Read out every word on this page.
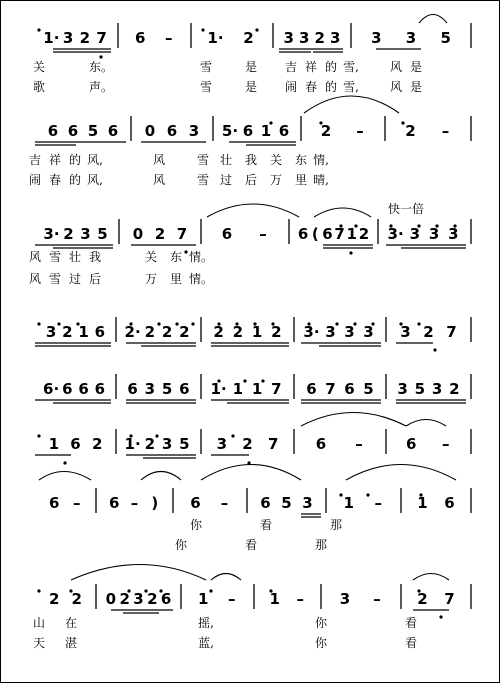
1· 3 2 7 6 – 1· 2 3 3 2 3 3 3 5
关	东。	雪	是 吉 祥 的 雪,	风 是
歌	声。	雪	是 闹 春 的 雪,	风 是
6 6 5 6 0 6 3 5· 6 1 6 2 –	2 –
吉 祥 的 风,	风	雪 壮 我 关 东 情,
闹 春 的 风,	风	雪 过 后 万 里 晴,
3· 2 3 5 0 2 7 6 – 6 ( 6 7 1 2 3· 3 3 3
风 雪 壮 我	关 东 情。
风 雪 过 后	万 里 情。
3 2 1 6 2· 2 2 2 2 2 1 2 3· 3 3 3 3 2 7
6· 6 6 6 6 3 5 6 1· 1 1 7 6 7 6 5 3 5 3 2
1 6 2 1· 2 3 5 3 2 7 6 –	6 –
6 – 6 – ) 6 – 6 5 3 1 – 1 6
你	看	那
你	看	那
2 2 0 2 3 2 6 1 – 1 – 3 – 2 7
山 在	摇,	你	看
天 湛	蓝,	你	看
快一倍
